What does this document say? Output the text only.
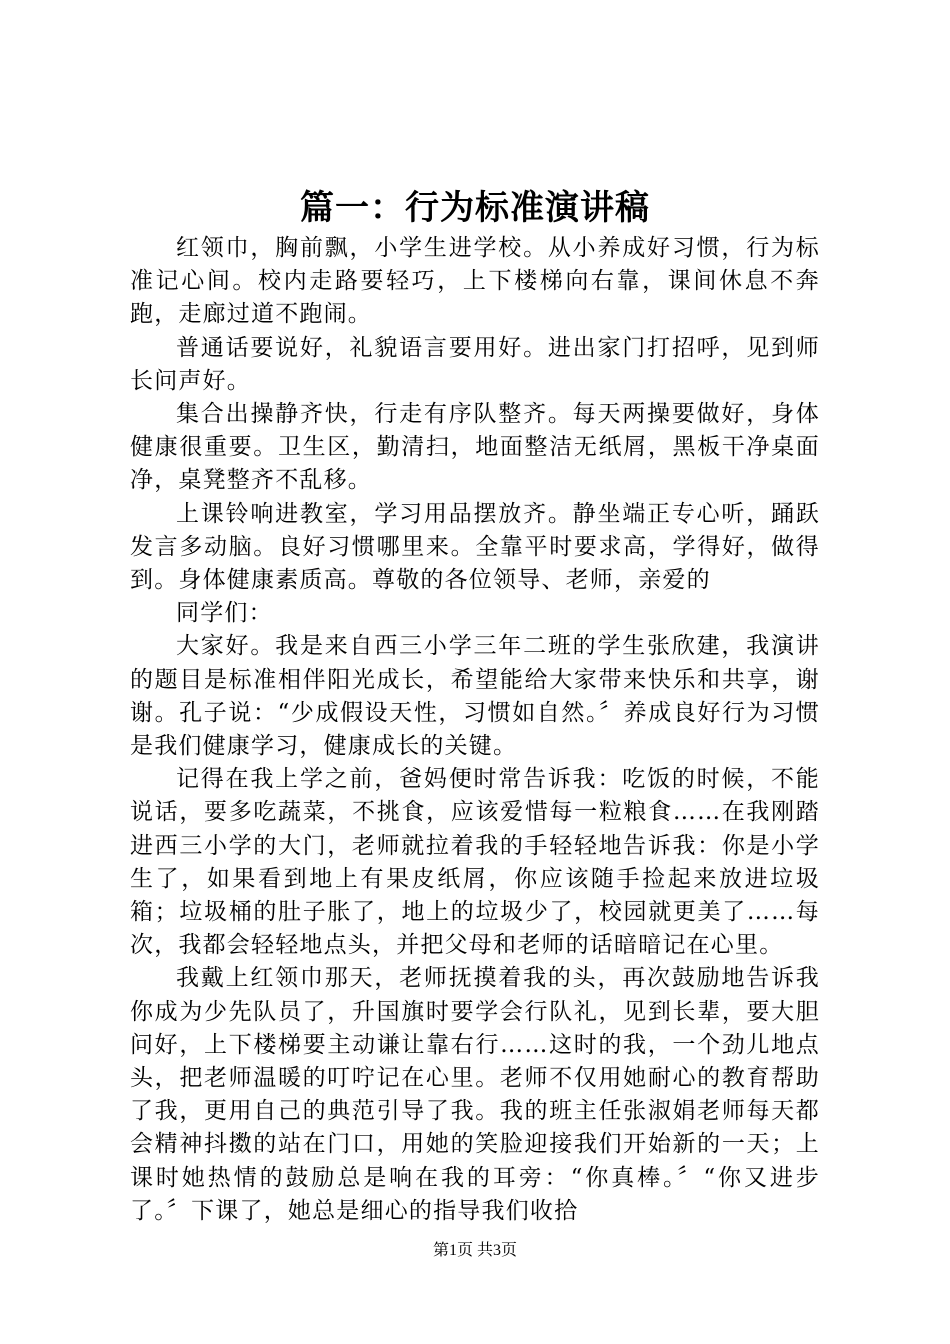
篇一：行为标准演讲稿

红领巾，胸前飘，小学生进学校。从小养成好习惯，行为标准记心间。校内走路要轻巧，上下楼梯向右靠，课间休息不奔跑，走廊过道不跑闹。

普通话要说好，礼貌语言要用好。进出家门打招呼，见到师长问声好。

集合出操静齐快，行走有序队整齐。每天两操要做好，身体健康很重要。卫生区，勤清扫，地面整洁无纸屑，黑板干净桌面净，桌凳整齐不乱移。

上课铃响进教室，学习用品摆放齐。静坐端正专心听，踊跃发言多动脑。良好习惯哪里来。全靠平时要求高，学得好，做得到。身体健康素质高。尊敬的各位领导、老师，亲爱的

同学们：

大家好。我是来自西三小学三年二班的学生张欣建，我演讲的题目是标准相伴阳光成长，希望能给大家带来快乐和共享，谢谢。孔子说：“少成假设天性，习惯如自然。〞养成良好行为习惯是我们健康学习，健康成长的关键。

记得在我上学之前，爸妈便时常告诉我：吃饭的时候，不能说话，要多吃蔬菜，不挑食，应该爱惜每一粒粮食……在我刚踏进西三小学的大门，老师就拉着我的手轻轻地告诉我：你是小学生了，如果看到地上有果皮纸屑，你应该随手捡起来放进垃圾箱；垃圾桶的肚子胀了，地上的垃圾少了，校园就更美了……每次，我都会轻轻地点头，并把父母和老师的话暗暗记在心里。

我戴上红领巾那天，老师抚摸着我的头，再次鼓励地告诉我你成为少先队员了，升国旗时要学会行队礼，见到长辈，要大胆问好，上下楼梯要主动谦让靠右行……这时的我，一个劲儿地点头，把老师温暖的叮咛记在心里。老师不仅用她耐心的教育帮助了我，更用自己的典范引导了我。我的班主任张淑娟老师每天都会精神抖擞的站在门口，用她的笑脸迎接我们开始新的一天；上课时她热情的鼓励总是响在我的耳旁：“你真棒。〞“你又进步了。〞下课了，她总是细心的指导我们收拾

第1页 共3页
